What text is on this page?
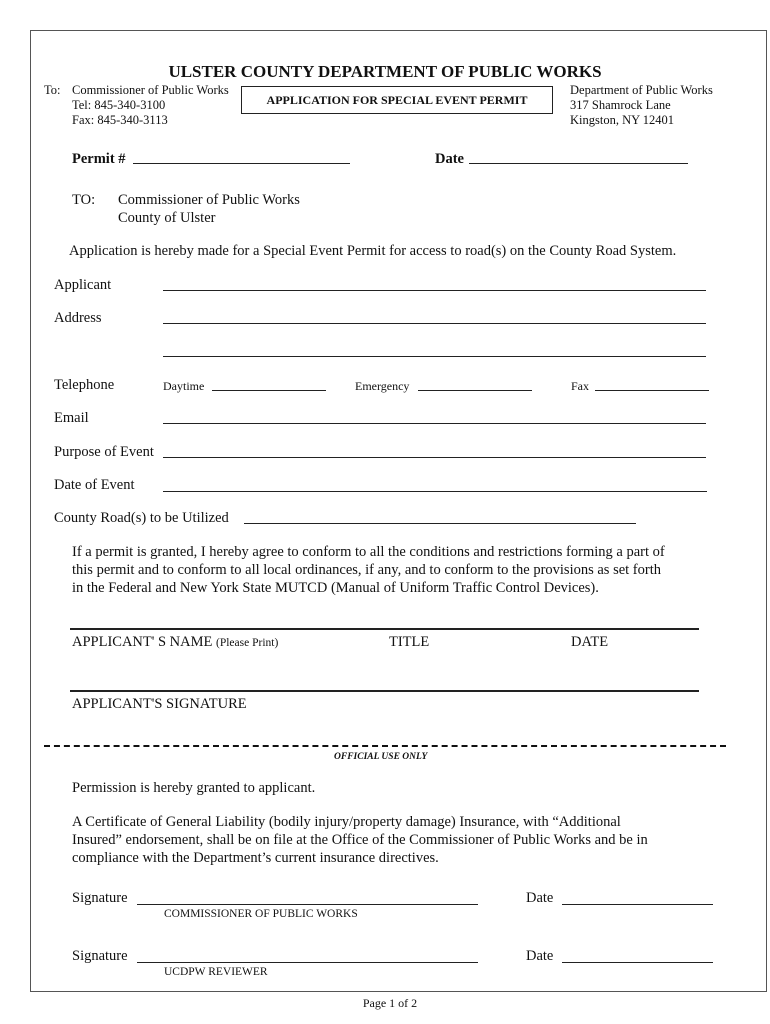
ULSTER COUNTY DEPARTMENT OF PUBLIC WORKS
To: Commissioner of Public Works
Tel: 845-340-3100
Fax: 845-340-3113
APPLICATION FOR SPECIAL EVENT PERMIT
Department of Public Works
317 Shamrock Lane
Kingston, NY 12401
Permit #	Date
TO: Commissioner of Public Works
County of Ulster
Application is hereby made for a Special Event Permit for access to road(s) on the County Road System.
Applicant
Address
Telephone	Daytime	Emergency	Fax
Email
Purpose of Event
Date of Event
County Road(s) to be Utilized
If a permit is granted, I hereby agree to conform to all the conditions and restrictions forming a part of
this permit and to conform to all local ordinances, if any, and to conform to the provisions as set forth
in the Federal and New York State MUTCD (Manual of Uniform Traffic Control Devices).
APPLICANT' S NAME (Please Print)	TITLE	DATE
APPLICANT'S SIGNATURE
OFFICIAL USE ONLY
Permission is hereby granted to applicant.
A Certificate of General Liability (bodily injury/property damage) Insurance, with “Additional
Insured” endorsement, shall be on file at the Office of the Commissioner of Public Works and be in
compliance with the Department’s current insurance directives.
Signature
COMMISSIONER OF PUBLIC WORKS
Date
Signature
UCDPW REVIEWER
Date
Page 1 of 2
